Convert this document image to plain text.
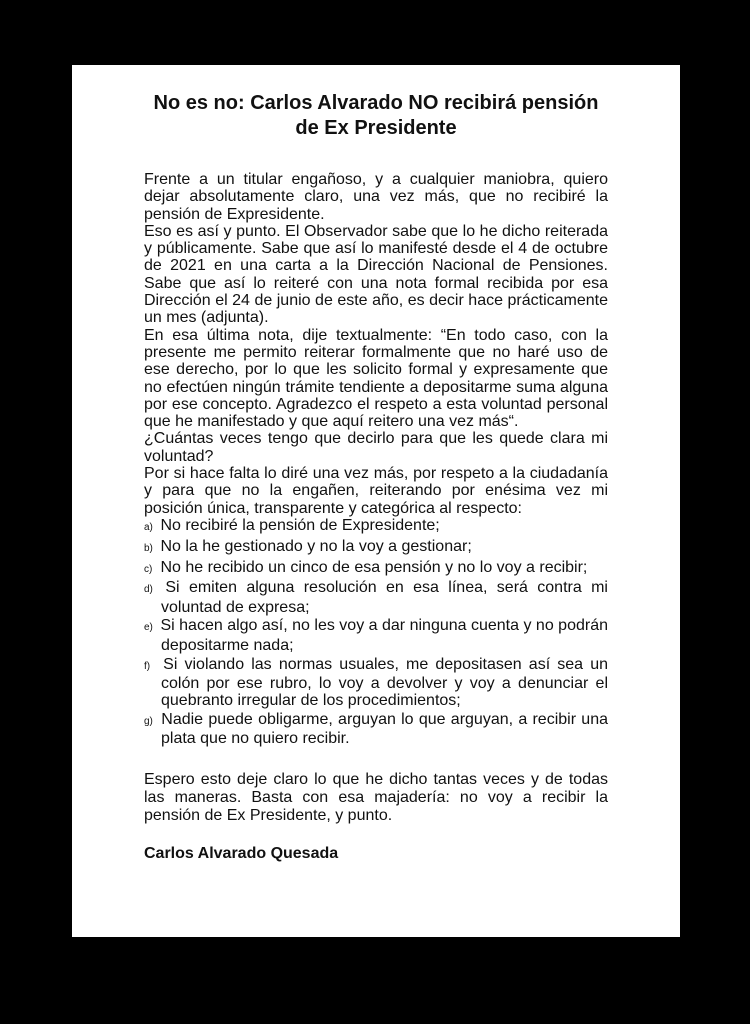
No es no: Carlos Alvarado NO recibirá pensión
de Ex Presidente

Frente a un titular engañoso, y a cualquier maniobra, quiero dejar absolutamente claro, una vez más, que no recibiré la pensión de Expresidente.

Eso es así y punto. El Observador sabe que lo he dicho reiterada y públicamente. Sabe que así lo manifesté desde el 4 de octubre de 2021 en una carta a la Dirección Nacional de Pensiones. Sabe que así lo reiteré con una nota formal recibida por esa Dirección el 24 de junio de este año, es decir hace prácticamente un mes (adjunta).

En esa última nota, dije textualmente: “En todo caso, con la presente me permito reiterar formalmente que no haré uso de ese derecho, por lo que les solicito formal y expresamente que no efectúen ningún trámite tendiente a depositarme suma alguna por ese concepto. Agradezco el respeto a esta voluntad personal que he manifestado y que aquí reitero una vez más“.

¿Cuántas veces tengo que decirlo para que les quede clara mi voluntad?

Por si hace falta lo diré una vez más, por respeto a la ciudadanía y para que no la engañen, reiterando por enésima vez mi posición única, transparente y categórica al respecto:

a) No recibiré la pensión de Expresidente;
b) No la he gestionado y no la voy a gestionar;
c) No he recibido un cinco de esa pensión y no lo voy a recibir;
d) Si emiten alguna resolución en esa línea, será contra mi voluntad de expresa;
e) Si hacen algo así, no les voy a dar ninguna cuenta y no podrán depositarme nada;
f) Si violando las normas usuales, me depositasen así sea un colón por ese rubro, lo voy a devolver y voy a denunciar el quebranto irregular de los procedimientos;
g) Nadie puede obligarme, arguyan lo que arguyan, a recibir una plata que no quiero recibir.

Espero esto deje claro lo que he dicho tantas veces y de todas las maneras. Basta con esa majadería: no voy a recibir la pensión de Ex Presidente, y punto.

Carlos Alvarado Quesada
